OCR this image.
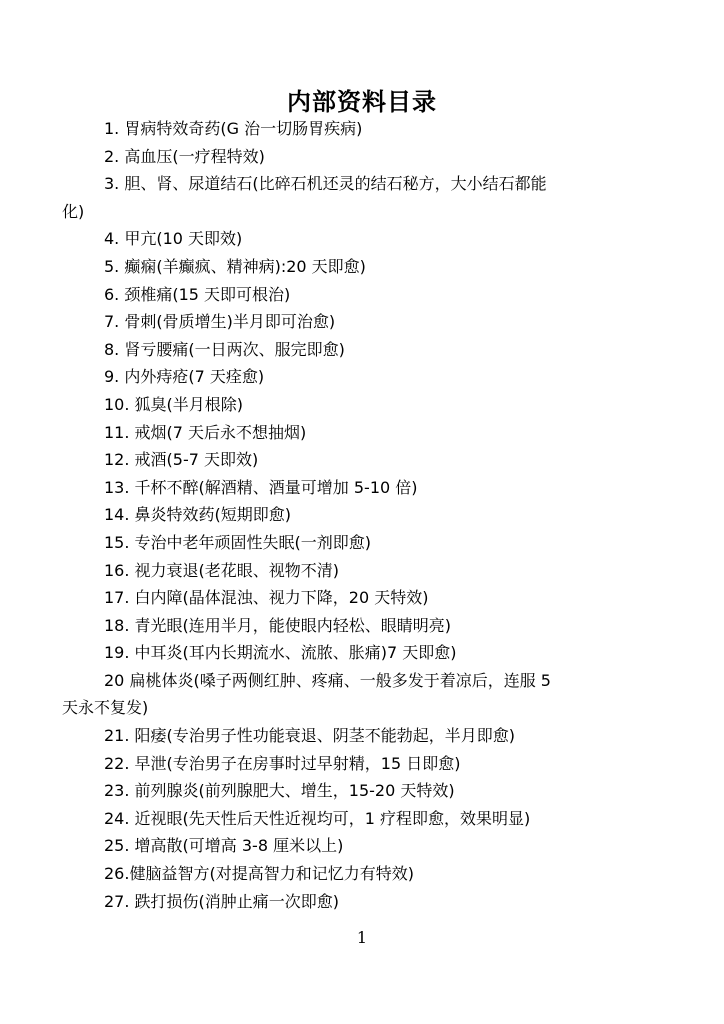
内部资料目录
1. 胃病特效奇药(G 治一切肠胃疾病)
2. 高血压(一疗程特效)
3. 胆、肾、尿道结石(比碎石机还灵的结石秘方，大小结石都能
化)
4. 甲亢(10 天即效)
5. 癫痫(羊癫疯、精神病):20 天即愈)
6. 颈椎痛(15 天即可根治)
7. 骨刺(骨质增生)半月即可治愈)
8. 肾亏腰痛(一日两次、服完即愈)
9. 内外痔疮(7 天痊愈)
10. 狐臭(半月根除)
11. 戒烟(7 天后永不想抽烟)
12. 戒酒(5-7 天即效)
13. 千杯不醉(解酒精、酒量可增加 5-10 倍)
14. 鼻炎特效药(短期即愈)
15. 专治中老年顽固性失眠(一剂即愈)
16. 视力衰退(老花眼、视物不清)
17. 白内障(晶体混浊、视力下降，20 天特效)
18. 青光眼(连用半月，能使眼内轻松、眼睛明亮)
19. 中耳炎(耳内长期流水、流脓、胀痛)7 天即愈)
20 扁桃体炎(嗓子两侧红肿、疼痛、一般多发于着凉后，连服 5
天永不复发)
21. 阳痿(专治男子性功能衰退、阴茎不能勃起，半月即愈)
22. 早泄(专治男子在房事时过早射精，15 日即愈)
23. 前列腺炎(前列腺肥大、增生，15-20 天特效)
24. 近视眼(先天性后天性近视均可，1 疗程即愈，效果明显)
25. 增高散(可增高 3-8 厘米以上)
26.健脑益智方(对提高智力和记忆力有特效)
27. 跌打损伤(消肿止痛一次即愈)
1
